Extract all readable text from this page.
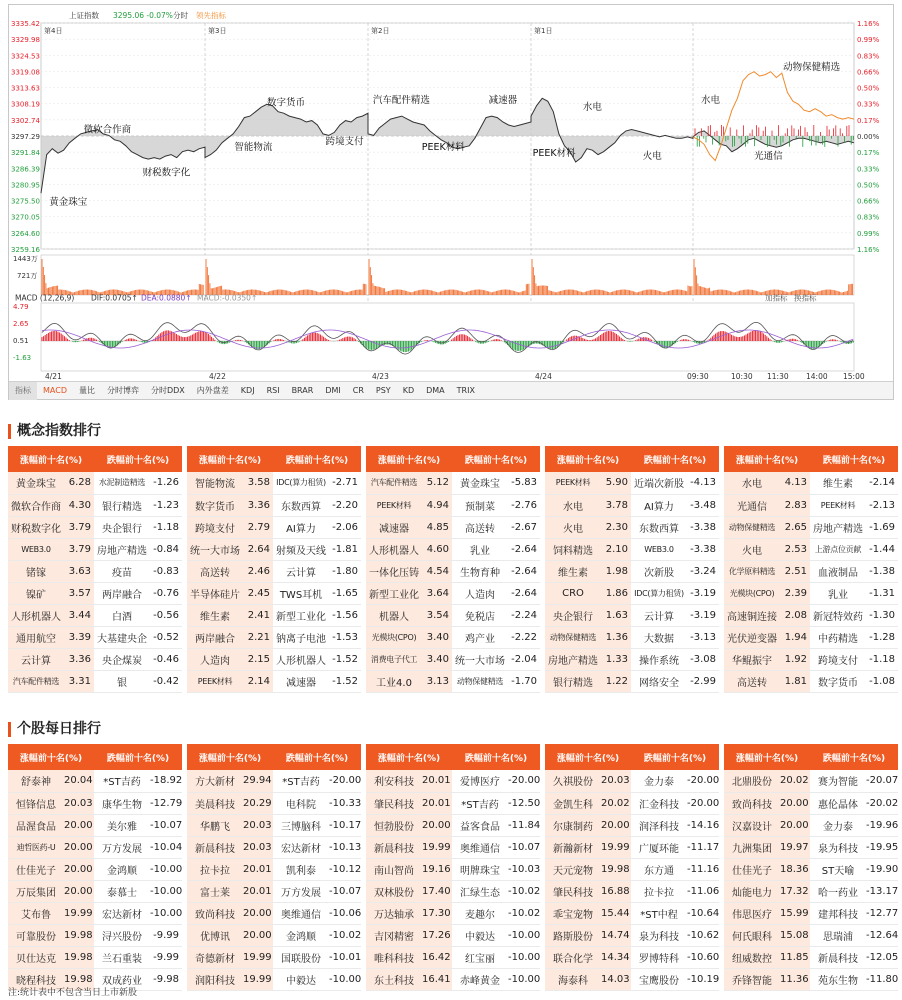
3335.42	1.16%
3329.98	0.99%
3324.53	0.83%
3319.08	0.66%
3313.63	0.50%
3308.19	0.33%
3302.74	0.17%
3297.29	0.00%
3291.84	0.17%
3286.39	0.33%
3280.95	0.50%
3275.50	0.66%
3270.05	0.83%
3264.60	0.99%
3259.16	1.16%
第4日	第3日	第2日	第1日
上证指数 3295.06 -0.07% 分时 领先指标
黄金珠宝
微软合作商
财税数字化
智能物流
数字货币
跨境支付
汽车配件精选
PEEK材料
减速器
PEEK材料
水电
火电
水电
动物保健精选
光通信
1443万
721万
MACD (12,26,9) DIF:0.0705↑ DEA:0.0880↑ MACD:-0.0350↑	加指标 换指标
4.79
2.65
0.51
-1.63
4/21	4/22	4/23	4/24	09:30	10:30 11:30 14:00 15:00
指标	MACD	量比	分时博弈	分时DDX	内外盘差	KDJ	RSI	BRAR	DMI	CR	PSY	KD	DMA	TRIX
概念指数排行
涨幅前十名(%)		跌幅前十名(%)	
黄金珠宝	6.28	水泥制造精选	-1.26
微软合作商	4.30	银行精选	-1.23
财税数字化	3.79	央企银行	-1.18
WEB3.0	3.79	房地产精选	-0.84
锗镓	3.63	疫苗	-0.83
镍矿	3.57	两岸融合	-0.76
人形机器人	3.44	白酒	-0.56
通用航空	3.39	大基建央企	-0.52
云计算	3.36	央企煤炭	-0.46
汽车配件精选	3.31	银	-0.42
涨幅前十名(%)		跌幅前十名(%)	
智能物流	3.58	IDC(算力租赁)	-2.71
数字货币	3.36	东数西算	-2.20
跨境支付	2.79	AI算力	-2.06
统一大市场	2.64	射频及天线	-1.81
高送转	2.46	云计算	-1.80
半导体硅片	2.45	TWS耳机	-1.65
维生素	2.41	新型工业化	-1.56
两岸融合	2.21	钠离子电池	-1.53
人造肉	2.15	人形机器人	-1.52
PEEK材料	2.14	减速器	-1.52
涨幅前十名(%)		跌幅前十名(%)	
汽车配件精选	5.12	黄金珠宝	-5.83
PEEK材料	4.94	预制菜	-2.76
减速器	4.85	高送转	-2.67
人形机器人	4.60	乳业	-2.64
一体化压铸	4.54	生物育种	-2.64
新型工业化	3.64	人造肉	-2.64
机器人	3.54	免税店	-2.24
光模块(CPO)	3.40	鸡产业	-2.22
消费电子代工	3.40	统一大市场	-2.04
工业4.0	3.13	动物保健精选	-1.70
涨幅前十名(%)		跌幅前十名(%)	
PEEK材料	5.90	近端次新股	-4.13
水电	3.78	AI算力	-3.48
火电	2.30	东数西算	-3.38
饲料精选	2.10	WEB3.0	-3.38
维生素	1.98	次新股	-3.24
CRO	1.86	IDC(算力租赁)	-3.19
央企银行	1.63	云计算	-3.19
动物保健精选	1.36	大数据	-3.13
房地产精选	1.33	操作系统	-3.08
银行精选	1.22	网络安全	-2.99
涨幅前十名(%)		跌幅前十名(%)	
水电	4.13	维生素	-2.14
光通信	2.83	PEEK材料	-2.13
动物保健精选	2.65	房地产精选	-1.69
火电	2.53	上游点位贡献	-1.44
化学原料精选	2.51	血液制品	-1.38
光模块(CPO)	2.39	乳业	-1.31
高速铜连接	2.08	新冠特效药	-1.30
光伏逆变器	1.94	中药精选	-1.28
华鲲振宇	1.92	跨境支付	-1.18
高送转	1.81	数字货币	-1.08
个股每日排行
涨幅前十名(%)		跌幅前十名(%)	
舒泰神	20.04	*ST吉药	-18.92
恒锋信息	20.03	康华生物	-12.79
品渥食品	20.00	美尔雅	-10.07
迪哲医药-U	20.00	万方发展	-10.04
仕佳光子	20.00	金鸿顺	-10.00
万辰集团	20.00	泰慕士	-10.00
艾布鲁	19.99	宏达新材	-10.00
可靠股份	19.98	浔兴股份	-9.99
贝仕达克	19.98	兰石重装	-9.99
晓程科技	19.98	双成药业	-9.98
涨幅前十名(%)		跌幅前十名(%)	
方大新材	29.94	*ST吉药	-20.00
美晨科技	20.29	电科院	-10.33
华鹏飞	20.03	三博脑科	-10.17
新晨科技	20.03	宏达新材	-10.13
拉卡拉	20.01	凯利泰	-10.12
富士莱	20.01	万方发展	-10.07
致尚科技	20.00	奥维通信	-10.06
优博讯	20.00	金鸿顺	-10.02
奇德新材	19.99	国联股份	-10.01
润阳科技	19.99	中毅达	-10.00
涨幅前十名(%)		跌幅前十名(%)	
利安科技	20.01	爱博医疗	-20.00
肇民科技	20.01	*ST吉药	-12.50
恒勃股份	20.00	益客食品	-11.84
新晨科技	19.99	奥维通信	-10.07
南山智尚	19.16	明牌珠宝	-10.03
双林股份	17.40	汇绿生态	-10.02
万达轴承	17.30	麦趣尔	-10.02
吉冈精密	17.26	中毅达	-10.00
唯科科技	16.42	红宝丽	-10.00
东土科技	16.41	赤峰黄金	-10.00
涨幅前十名(%)		跌幅前十名(%)	
久祺股份	20.03	金力泰	-20.00
金凯生科	20.02	汇金科技	-20.00
尔康制药	20.00	润泽科技	-14.16
新瀚新材	19.99	广厦环能	-11.17
天元宠物	19.98	东方通	-11.16
肇民科技	16.88	拉卡拉	-11.06
乖宝宠物	15.44	*ST中程	-10.64
路斯股份	14.74	泉为科技	-10.62
联合化学	14.34	罗博特科	-10.60
海泰科	14.03	宝鹰股份	-10.19
涨幅前十名(%)		跌幅前十名(%)	
北鼎股份	20.02	赛为智能	-20.07
致尚科技	20.00	惠伦晶体	-20.02
汉嘉设计	20.00	金力泰	-19.96
九洲集团	19.97	泉为科技	-19.95
仕佳光子	18.36	ST天喻	-19.90
灿能电力	17.32	哈一药业	-13.17
伟思医疗	15.99	建邦科技	-12.77
何氏眼科	15.08	思瑞浦	-12.64
纽威数控	11.85	新晨科技	-12.05
乔锋智能	11.36	苑东生物	-11.80
注:统计表中不包含当日上市新股
